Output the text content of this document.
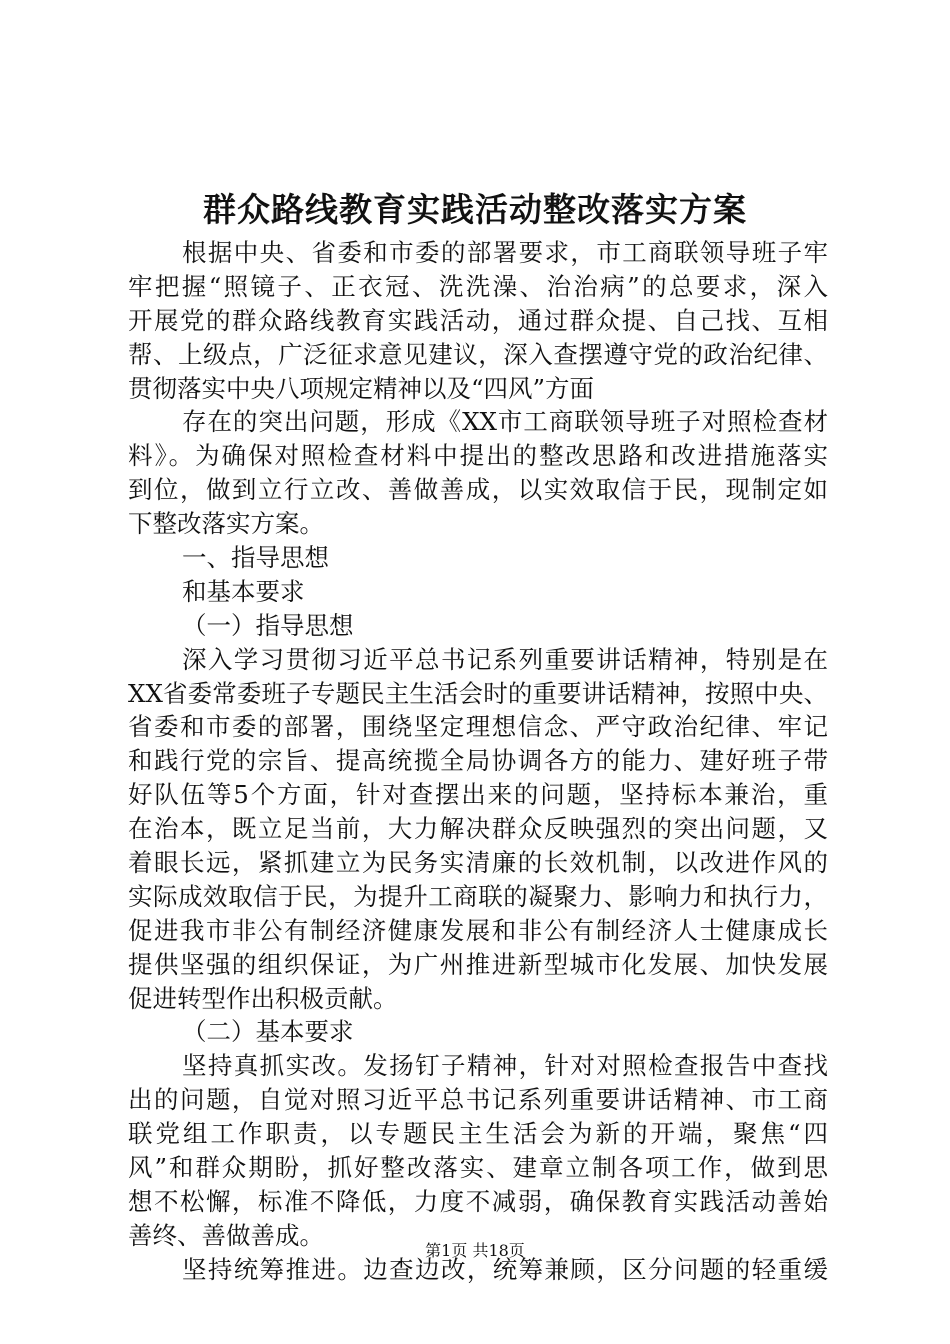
群众路线教育实践活动整改落实方案
根据中央、省委和市委的部署要求，市工商联领导班子牢
牢把握“照镜子、正衣冠、洗洗澡、治治病”的总要求，深入
开展党的群众路线教育实践活动，通过群众提、自己找、互相
帮、上级点，广泛征求意见建议，深入查摆遵守党的政治纪律、
贯彻落实中央八项规定精神以及“四风”方面
存在的突出问题，形成《XX市工商联领导班子对照检查材
料》。为确保对照检查材料中提出的整改思路和改进措施落实
到位，做到立行立改、善做善成，以实效取信于民，现制定如
下整改落实方案。
一、指导思想
和基本要求
（一）指导思想
深入学习贯彻习近平总书记系列重要讲话精神，特别是在
XX省委常委班子专题民主生活会时的重要讲话精神，按照中央、
省委和市委的部署，围绕坚定理想信念、严守政治纪律、牢记
和践行党的宗旨、提高统揽全局协调各方的能力、建好班子带
好队伍等5个方面，针对查摆出来的问题，坚持标本兼治，重
在治本，既立足当前，大力解决群众反映强烈的突出问题，又
着眼长远，紧抓建立为民务实清廉的长效机制，以改进作风的
实际成效取信于民，为提升工商联的凝聚力、影响力和执行力，
促进我市非公有制经济健康发展和非公有制经济人士健康成长
提供坚强的组织保证，为广州推进新型城市化发展、加快发展
促进转型作出积极贡献。
（二）基本要求
坚持真抓实改。发扬钉子精神，针对对照检查报告中查找
出的问题，自觉对照习近平总书记系列重要讲话精神、市工商
联党组工作职责，以专题民主生活会为新的开端，聚焦“四
风”和群众期盼，抓好整改落实、建章立制各项工作，做到思
想不松懈，标准不降低，力度不减弱，确保教育实践活动善始
善终、善做善成。
坚持统筹推进。边查边改，统筹兼顾，区分问题的轻重缓
第1页 共18页
